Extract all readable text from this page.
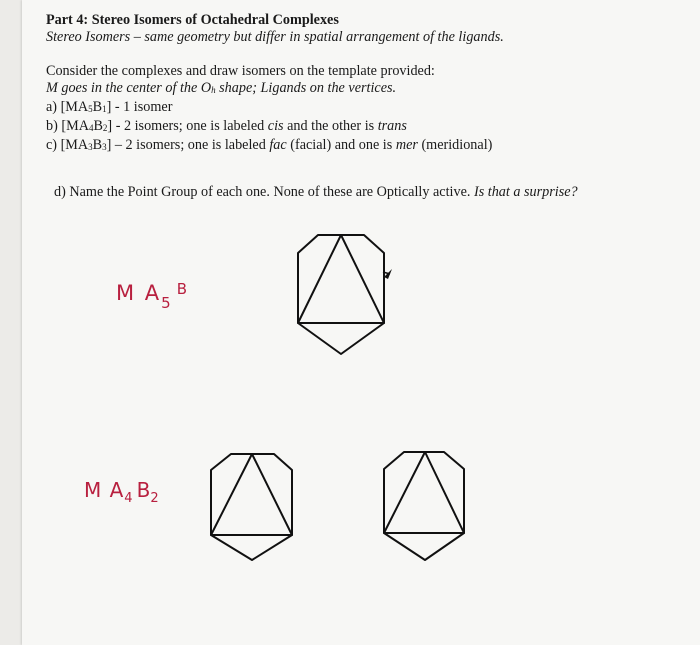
Part 4: Stereo Isomers of Octahedral Complexes
Stereo Isomers – same geometry but differ in spatial arrangement of the ligands.
Consider the complexes and draw isomers on the template provided:
M goes in the center of the $O_h$ shape; Ligands on the vertices.
a) $[MA_5B_1] - 1$ isomer
b) $[MA_4B_2] - 2$ isomers; one is labeled cis and the other is trans
c) $[MA_3B_3] - 2$ isomers; one is labeled fac (facial) and one is mer (meridional)
d) Name the Point Group of each one. None of these are Optically active. Is that a surprise?
M A5B
M $A_4$ $B_2$
